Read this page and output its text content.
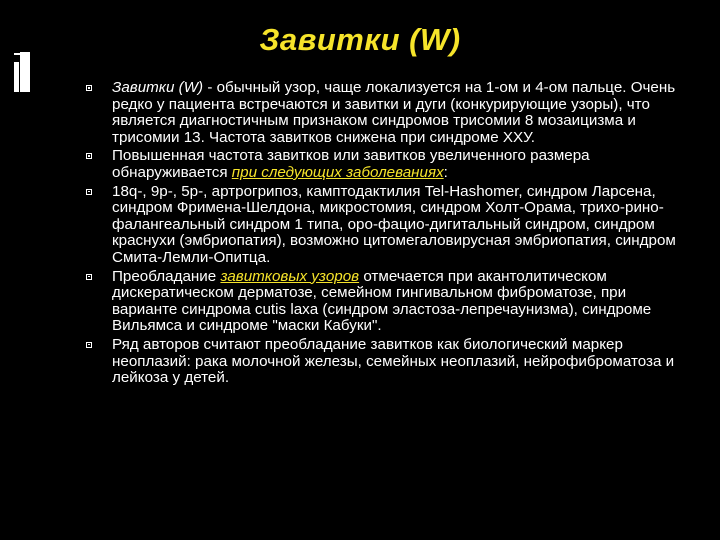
Завитки (W)
Завитки (W) - обычный узор, чаще локализуется на 1-ом и 4-ом пальце. Очень редко у пациента встречаются и завитки и дуги (конкурирующие узоры), что является диагностичным признаком синдромов трисомии 8 мозаицизма и трисомии 13. Частота завитков снижена при синдроме ХХУ.
Повышенная частота завитков или завитков увеличенного размера обнаруживается при следующих заболеваниях:
18q-, 9p-, 5p-, артрогрипоз, камптодактилия Tel-Hashomer, синдром Ларсена, синдром Фримена-Шелдона, микростомия, синдром Холт-Орама, трихо-рино-фалангеальный синдром 1 типа, оро-фацио-дигитальный синдром, синдром краснухи (эмбриопатия), возможно цитомегаловирусная эмбриопатия, синдром Смита-Лемли-Опитца.
Преобладание завитковых узоров отмечается при акантолитическом дискератическом дерматозе, семейном гингивальном фиброматозе, при варианте синдрома cutis laxa (синдром эластоза-лепречаунизма), синдроме Вильямса и синдроме "маски Кабуки".
Ряд авторов считают преобладание завитков как биологический маркер неоплазий: рака молочной железы, семейных неоплазий, нейрофиброматоза и лейкоза у детей.
